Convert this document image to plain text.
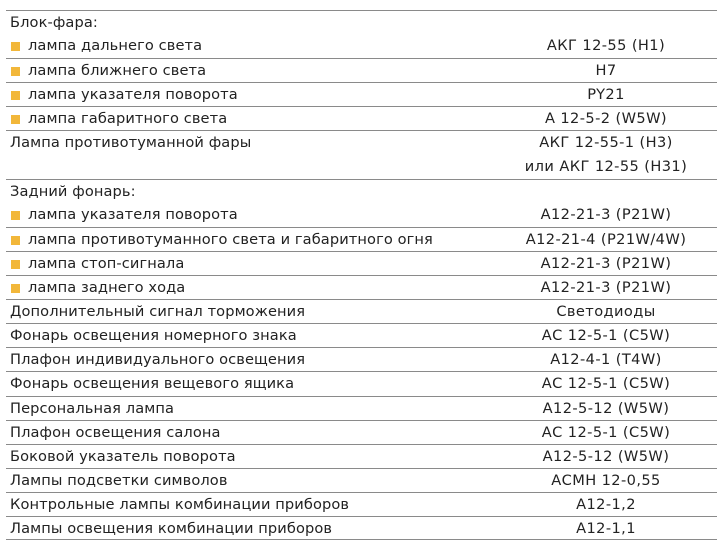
Блок-фара:
лампа дальнего света	АКГ 12-55 (Н1)
лампа ближнего света	Н7
лампа указателя поворота	PY21
лампа габаритного света	А 12-5-2 (W5W)
Лампа противотуманной фары	АКГ 12-55-1 (Н3)
или АКГ 12-55 (Н31)
Задний фонарь:
лампа указателя поворота	А12-21-3 (P21W)
лампа противотуманного света и габаритного огня	А12-21-4 (P21W/4W)
лампа стоп-сигнала	А12-21-3 (P21W)
лампа заднего хода	А12-21-3 (P21W)
Дополнительный сигнал торможения	Светодиоды
Фонарь освещения номерного знака	АС 12-5-1 (С5W)
Плафон индивидуального освещения	А12-4-1 (T4W)
Фонарь освещения вещевого ящика	АС 12-5-1 (С5W)
Персональная лампа	А12-5-12 (W5W)
Плафон освещения салона	АС 12-5-1 (С5W)
Боковой указатель поворота	А12-5-12 (W5W)
Лампы подсветки символов	АСМН 12-0,55
Контрольные лампы комбинации приборов	А12-1,2
Лампы освещения комбинации приборов	А12-1,1
